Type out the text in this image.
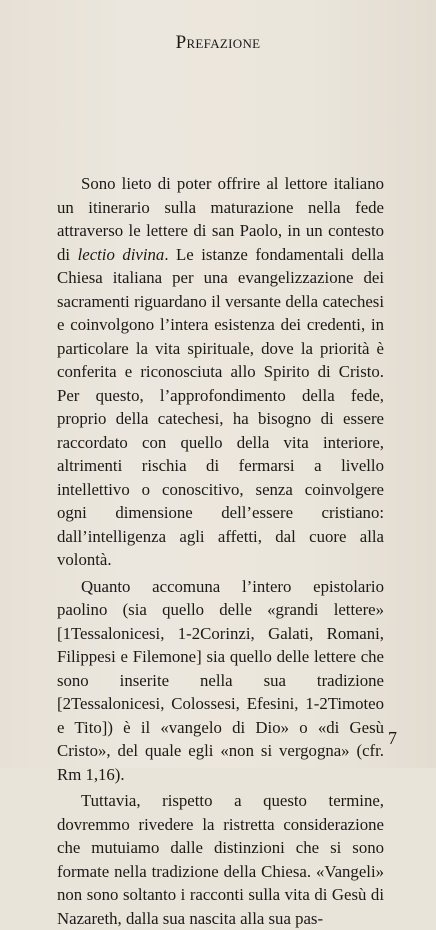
Prefazione

Sono lieto di poter offrire al lettore italiano un itinerario sulla maturazione nella fede attraverso le lettere di san Paolo, in un contesto di lectio divina. Le istanze fondamentali della Chiesa italiana per una evangelizzazione dei sacramenti riguardano il versante della catechesi e coinvolgono l’intera esistenza dei credenti, in particolare la vita spirituale, dove la priorità è conferita e riconosciuta allo Spirito di Cristo. Per questo, l’approfondimento della fede, proprio della catechesi, ha bisogno di essere raccordato con quello della vita interiore, altrimenti rischia di fermarsi a livello intellettivo o conoscitivo, senza coinvolgere ogni dimensione dell’essere cristiano: dall’intelligenza agli affetti, dal cuore alla volontà.

Quanto accomuna l’intero epistolario paolino (sia quello delle «grandi lettere» [1Tessalonicesi, 1-2Corinzi, Galati, Romani, Filippesi e Filemone] sia quello delle lettere che sono inserite nella sua tradizione [2Tessalonicesi, Colossesi, Efesini, 1-2Timoteo e Tito]) è il «vangelo di Dio» o «di Gesù Cristo», del quale egli «non si vergogna» (cfr. Rm 1,16).

Tuttavia, rispetto a questo termine, dovremmo rivedere la ristretta considerazione che mutuiamo dalle distinzioni che si sono formate nella tradizione della Chiesa. «Vangeli» non sono soltanto i racconti sulla vita di Gesù di Nazareth, dalla sua nascita alla sua pas-

7
